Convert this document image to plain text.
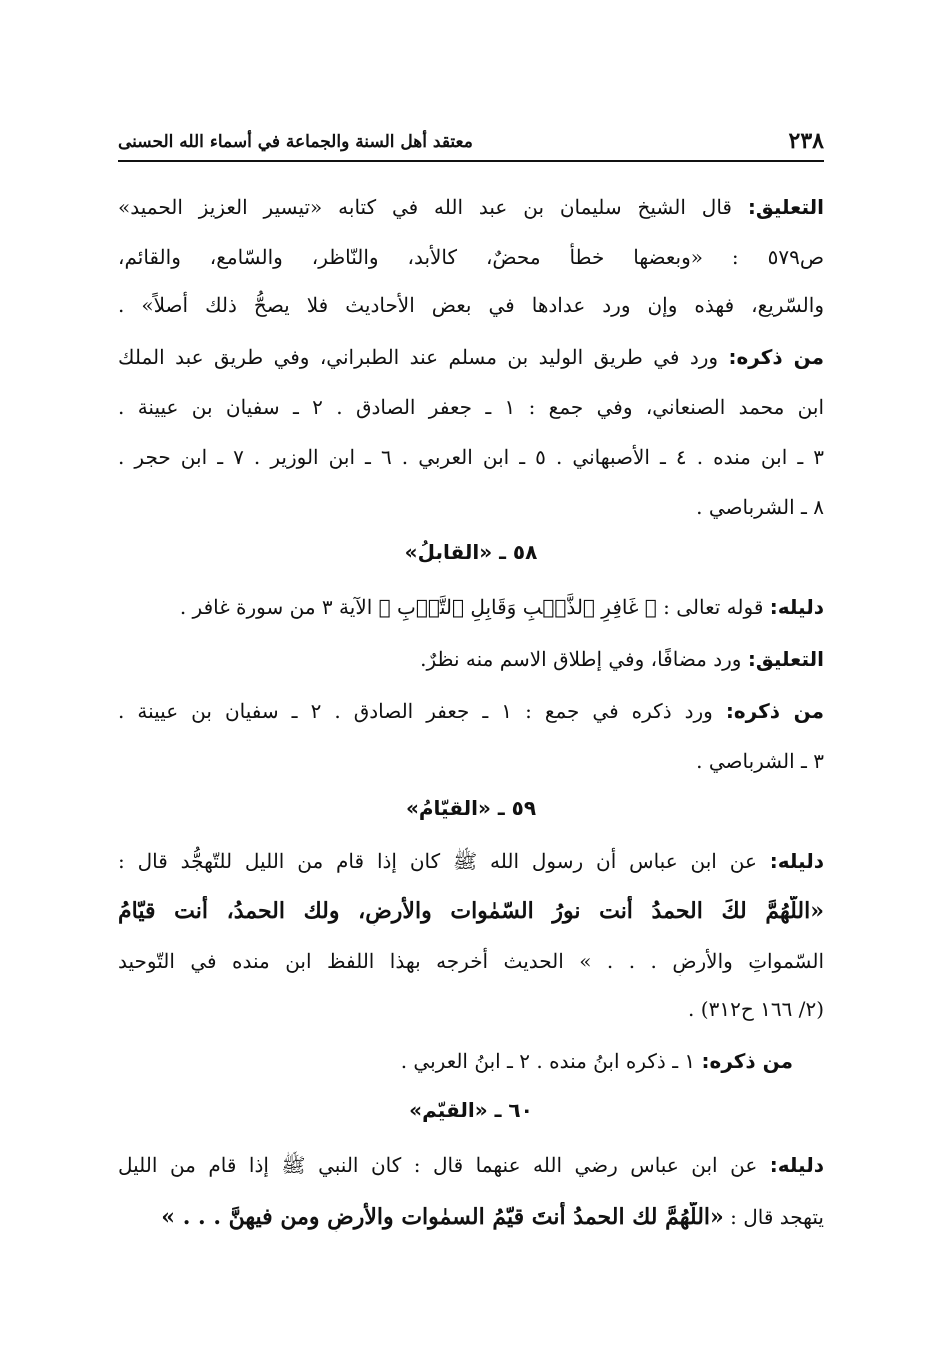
٢٣٨
معتقد أهل السنة والجماعة في أسماء الله الحسنى
التعليق: قال الشيخ سليمان بن عبد الله في كتابه «تيسير العزيز الحميد»
ص٥٧٩ : «وبعضها خطأٌ محضٌ، كالأبد، والنّاظر، والسّامع، والقائم،
والسّريع، فهذه وإن ورد عدادها في بعض الأحاديث فلا يصحُّ ذلك أصلاً» .
من ذكره: ورد في طريق الوليد بن مسلم عند الطبراني، وفي طريق عبد الملك
ابن محمد الصنعاني، وفي جمع : ١ ـ جعفر الصادق . ٢ ـ سفيان بن عيينة .
٣ ـ ابن منده . ٤ ـ الأصبهاني . ٥ ـ ابن العربي . ٦ ـ ابن الوزير . ٧ ـ ابن حجر .
٨ ـ الشرباصي .
٥٨ ـ «القابلُ»
دليله: قوله تعالى : ﴿ غَافِرِ ٱلذَّنۢبِ وَقَابِلِ ٱلتَّوۡبِ ﴾ الآية ٣ من سورة غافر .
التعليق: ورد مضافًا، وفي إطلاق الاسم منه نظرٌ.
من ذكره: ورد ذكره في جمع : ١ ـ جعفر الصادق . ٢ ـ سفيان بن عيينة .
٣ ـ الشرباصي .
٥٩ ـ «القيّامُ»
دليله: عن ابن عباس أن رسول الله ﷺ كان إذا قام من الليل للتّهجُّد قال :
«اللّهُمَّ لكَ الحمدُ أنت نورُ السّمٰوات والأرضِ، ولك الحمدُ، أنت قيّامُ
السّمواتِ والأرضِ . . . » الحديث أخرجه بهذا اللفظ ابن منده في التّوحيد
(٢/ ١٦٦ ح٣١٢) .
من ذكره: ١ ـ ذكره ابنُ منده . ٢ ـ ابنُ العربي .
٦٠ ـ «القيّم»
دليله: عن ابن عباس رضي الله عنهما قال : كان النبي ﷺ إذا قام من الليل
يتهجد قال : «اللّهُمَّ لك الحمدُ أنتَ قيّمُ السمٰوات والأرضِ ومن فيهنَّ . . . »
